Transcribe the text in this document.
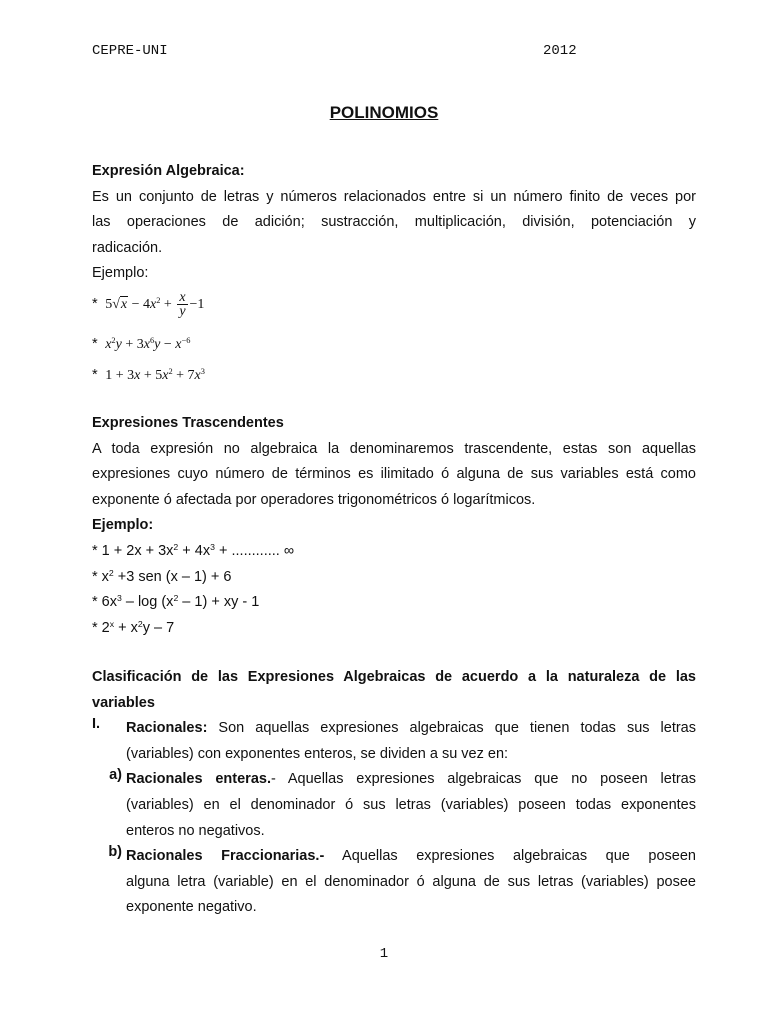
CEPRE-UNI	2012
POLINOMIOS
Expresión Algebraica:
Es un conjunto de letras y números relacionados entre si un número finito de veces por
las operaciones de adición; sustracción, multiplicación, división, potenciación y
radicación.
Ejemplo:
* $5√x - 4x^2 + \frac{x}{y} -1$
*  $x^2y + 3x^6y - x^{-6}$
* $1 + 3x + 5x^2 + 7x^3$
Expresiones Trascendentes
A toda expresión no algebraica la denominaremos trascendente, estas son aquellas
expresiones cuyo número de términos es ilimitado ó alguna de sus variables está como
exponente ó afectada por operadores trigonométricos ó logarítmicos.
Ejemplo:
* $1 + 2x + 3x^2 + 4x^3$ + ............ ∞
* $x^2 +3$ sen (x – 1) + 6
* $6x^3$ – $\log (x^2 - 1)$ + xy - 1
* $2^x + x^2y - 7$
Clasificación de las Expresiones Algebraicas de acuerdo a la naturaleza de las
variables
I.	Racionales: Son aquellas expresiones algebraicas que tienen todas sus letras
(variables) con exponentes enteros, se dividen a su vez en:
a) Racionales enteras.- Aquellas expresiones algebraicas que no poseen letras
(variables) en el denominador ó sus letras (variables) poseen todas exponentes
enteros no negativos.
b) Racionales Fraccionarias.- Aquellas expresiones algebraicas que poseen
alguna letra (variable) en el denominador ó alguna de sus letras (variables) posee
exponente negativo.
1
